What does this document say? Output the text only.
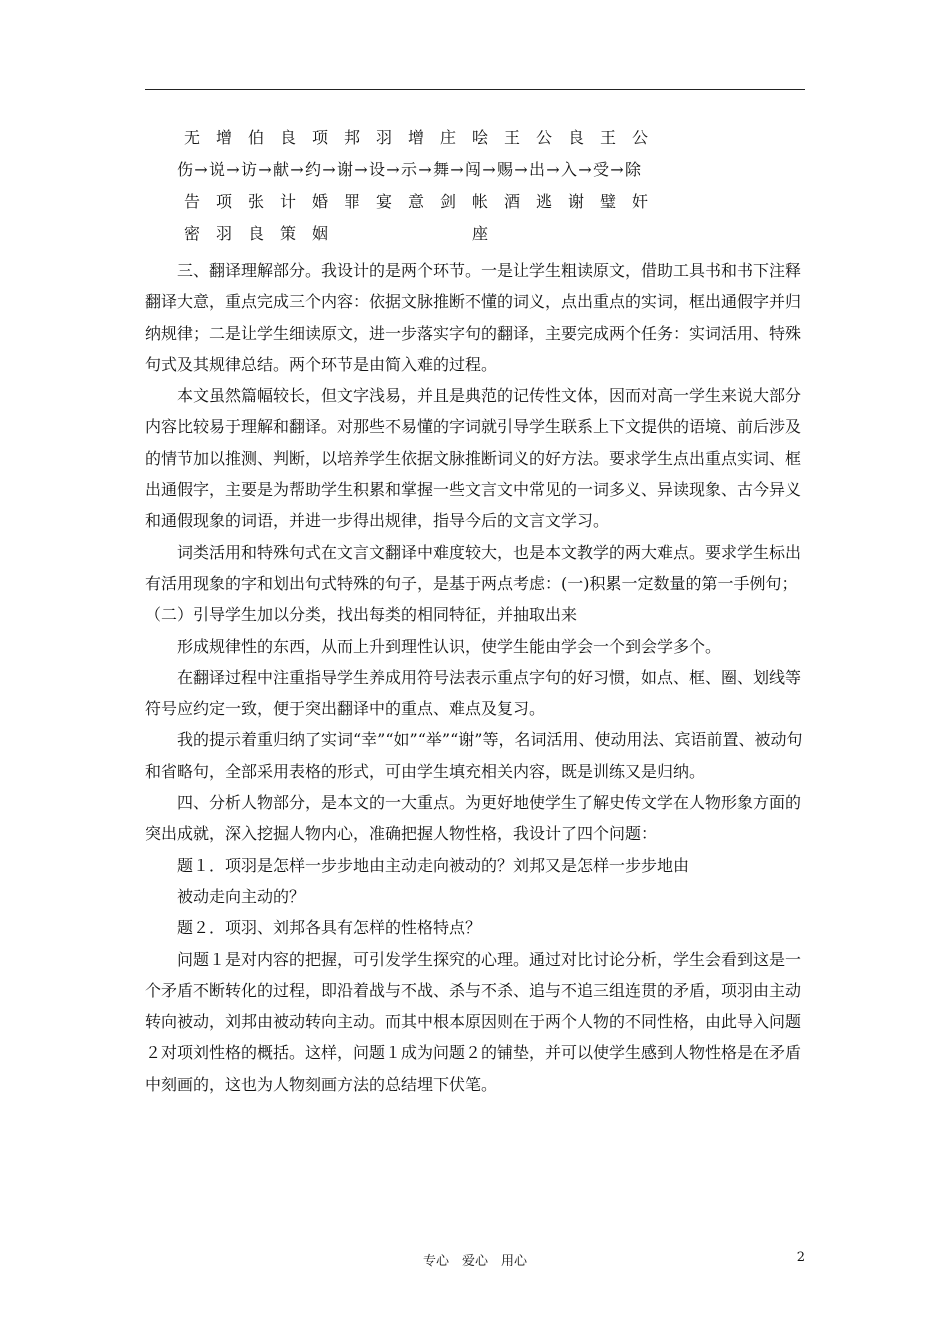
无 增 伯 良 项 邦 羽 增 庄 哙 王 公 良 王 公
伤→说→访→献→约→谢→设→示→舞→闯→赐→出→入→受→除
告 项 张 计 婚 罪 宴 意 剑 帐 酒 逃 谢 璧 奸
密 羽 良 策 姻	座

三、翻译理解部分。我设计的是两个环节。一是让学生粗读原文，借助工具书和书下注释翻译大意，重点完成三个内容：依据文脉推断不懂的词义，点出重点的实词，框出通假字并归纳规律；二是让学生细读原文，进一步落实字句的翻译，主要完成两个任务：实词活用、特殊句式及其规律总结。两个环节是由简入难的过程。

本文虽然篇幅较长，但文字浅易，并且是典范的记传性文体，因而对高一学生来说大部分内容比较易于理解和翻译。对那些不易懂的字词就引导学生联系上下文提供的语境、前后涉及的情节加以推测、判断，以培养学生依据文脉推断词义的好方法。要求学生点出重点实词、框出通假字，主要是为帮助学生积累和掌握一些文言文中常见的一词多义、异读现象、古今异义和通假现象的词语，并进一步得出规律，指导今后的文言文学习。

词类活用和特殊句式在文言文翻译中难度较大，也是本文教学的两大难点。要求学生标出有活用现象的字和划出句式特殊的句子，是基于两点考虑：(一)积累一定数量的第一手例句；（二）引导学生加以分类，找出每类的相同特征，并抽取出来

形成规律性的东西，从而上升到理性认识，使学生能由学会一个到会学多个。

在翻译过程中注重指导学生养成用符号法表示重点字句的好习惯，如点、框、圈、划线等符号应约定一致，便于突出翻译中的重点、难点及复习。

我的提示着重归纳了实词“幸”“如”“举”“谢”等，名词活用、使动用法、宾语前置、被动句和省略句，全部采用表格的形式，可由学生填充相关内容，既是训练又是归纳。

四、分析人物部分，是本文的一大重点。为更好地使学生了解史传文学在人物形象方面的突出成就，深入挖掘人物内心，准确把握人物性格，我设计了四个问题：

题１．项羽是怎样一步步地由主动走向被动的？刘邦又是怎样一步步地由

被动走向主动的？

题２．项羽、刘邦各具有怎样的性格特点？

问题１是对内容的把握，可引发学生探究的心理。通过对比讨论分析，学生会看到这是一个矛盾不断转化的过程，即沿着战与不战、杀与不杀、追与不追三组连贯的矛盾，项羽由主动转向被动，刘邦由被动转向主动。而其中根本原因则在于两个人物的不同性格，由此导入问题２对项刘性格的概括。这样，问题１成为问题２的铺垫，并可以使学生感到人物性格是在矛盾中刻画的，这也为人物刻画方法的总结埋下伏笔。

专心　爱心　用心	2
